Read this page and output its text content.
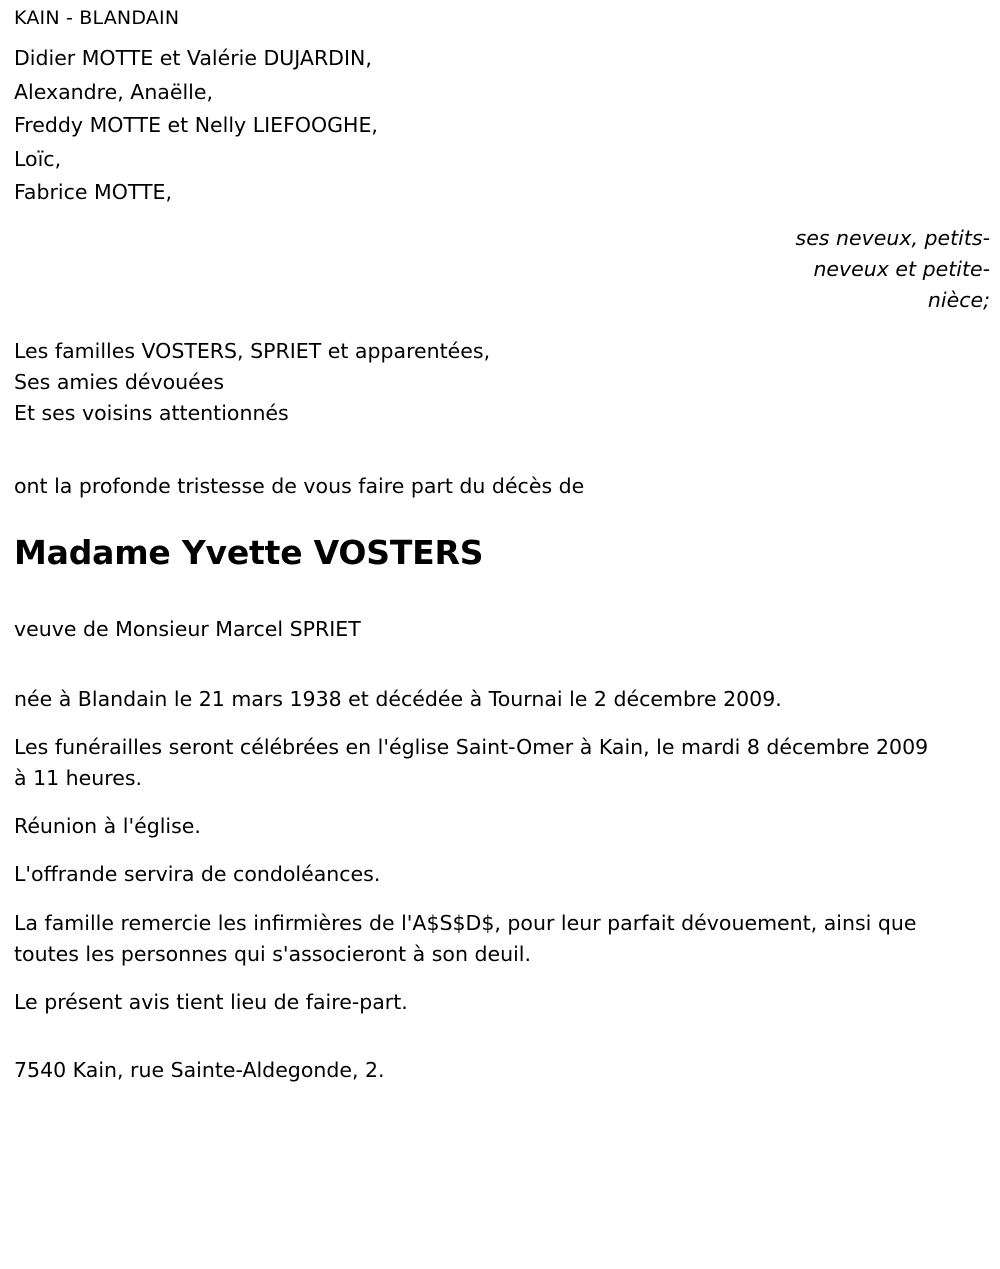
KAIN - BLANDAIN
Didier MOTTE et Valérie DUJARDIN,
Alexandre, Anaëlle,
Freddy MOTTE et Nelly LIEFOOGHE,
Loïc,
Fabrice MOTTE,
ses neveux, petits-
neveux et petite-
nièce;
Les familles VOSTERS, SPRIET et apparentées,
Ses amies dévouées
Et ses voisins attentionnés
ont la profonde tristesse de vous faire part du décès de
Madame Yvette VOSTERS
veuve de Monsieur Marcel SPRIET
née à Blandain le 21 mars 1938 et décédée à Tournai le 2 décembre 2009.
Les funérailles seront célébrées en l'église Saint-Omer à Kain, le mardi 8 décembre 2009 à 11 heures.
Réunion à l'église.
L'offrande servira de condoléances.
La famille remercie les infirmières de l'A$S$D$, pour leur parfait dévouement, ainsi que toutes les personnes qui s'associeront à son deuil.
Le présent avis tient lieu de faire-part.
7540 Kain, rue Sainte-Aldegonde, 2.
